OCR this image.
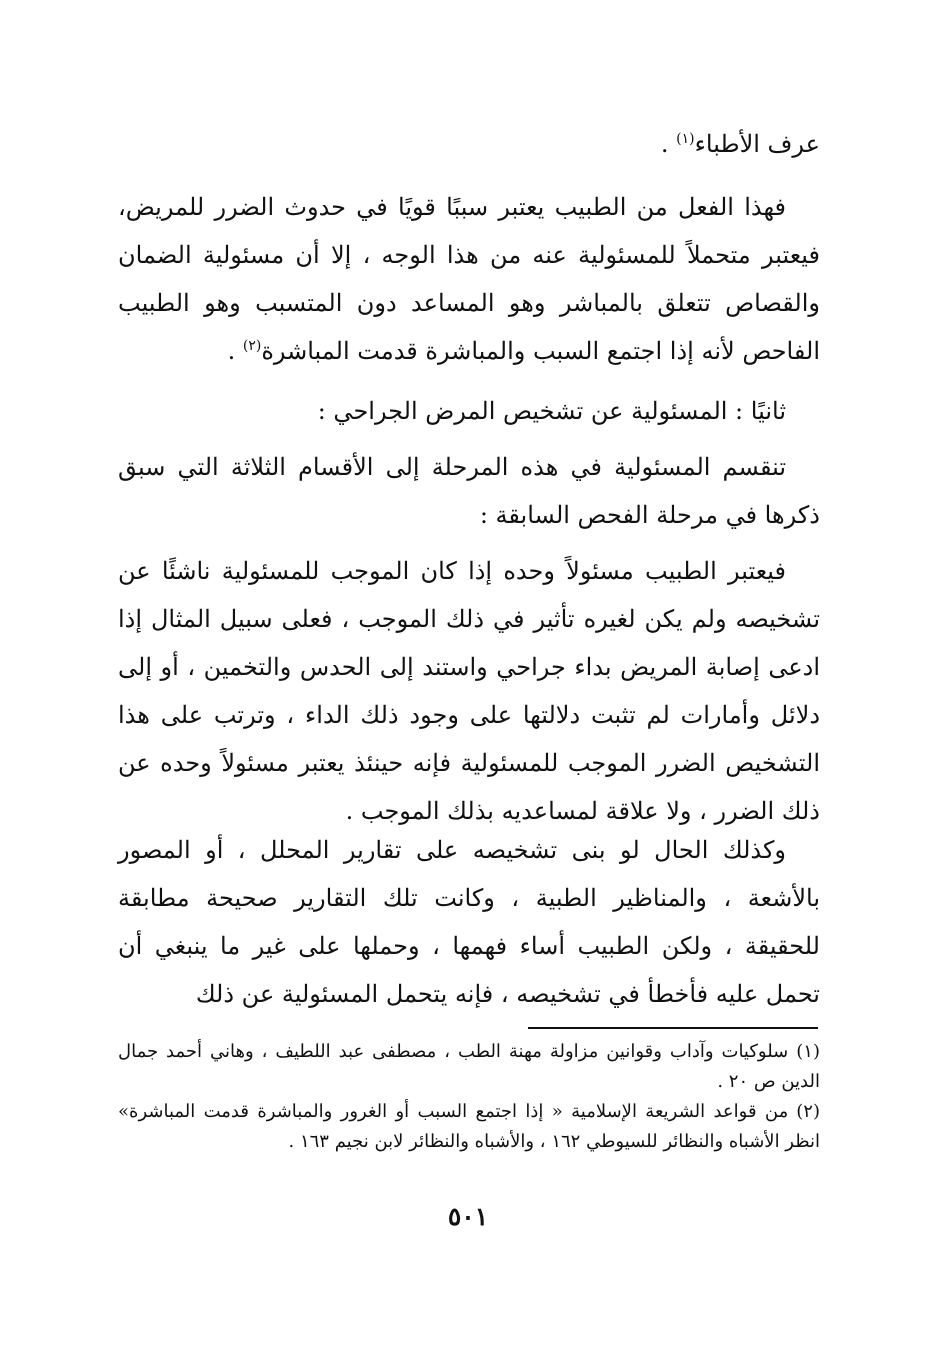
عرف الأطباء$^{(١)}$ .

فهذا الفعل من الطبيب يعتبر سببًا قويًا في حدوث الضرر للمريض، فيعتبر متحملاً للمسئولية عنه من هذا الوجه ، إلا أن مسئولية الضمان والقصاص تتعلق بالمباشر وهو المساعد دون المتسبب وهو الطبيب الفاحص لأنه إذا اجتمع السبب والمباشرة قدمت المباشرة$^{(٢)}$ .

ثانيًا : المسئولية عن تشخيص المرض الجراحي :

تنقسم المسئولية في هذه المرحلة إلى الأقسام الثلاثة التي سبق ذكرها في مرحلة الفحص السابقة :

فيعتبر الطبيب مسئولاً وحده إذا كان الموجب للمسئولية ناشئًا عن تشخيصه ولم يكن لغيره تأثير في ذلك الموجب ، فعلى سبيل المثال إذا ادعى إصابة المريض بداء جراحي واستند إلى الحدس والتخمين ، أو إلى دلائل وأمارات لم تثبت دلالتها على وجود ذلك الداء ، وترتب على هذا التشخيص الضرر الموجب للمسئولية فإنه حينئذ يعتبر مسئولاً وحده عن ذلك الضرر ، ولا علاقة لمساعديه بذلك الموجب .

وكذلك الحال لو بنى تشخيصه على تقارير المحلل ، أو المصور بالأشعة ، والمناظير الطبية ، وكانت تلك التقارير صحيحة مطابقة للحقيقة ، ولكن الطبيب أساء فهمها ، وحملها على غير ما ينبغي أن تحمل عليه فأخطأ في تشخيصه ، فإنه يتحمل المسئولية عن ذلك

(١)سلوكيات وآداب وقوانين مزاولة مهنة الطب ، مصطفى عبد اللطيف ، وهاني أحمد جمال الدين ص ٢٠ .

(٢)من قواعد الشريعة الإسلامية « إذا اجتمع السبب أو الغرور والمباشرة قدمت المباشرة» انظر الأشباه والنظائر للسيوطي ١٦٢ ، والأشباه والنظائر لابن نجيم ١٦٣ .

٥٠١
